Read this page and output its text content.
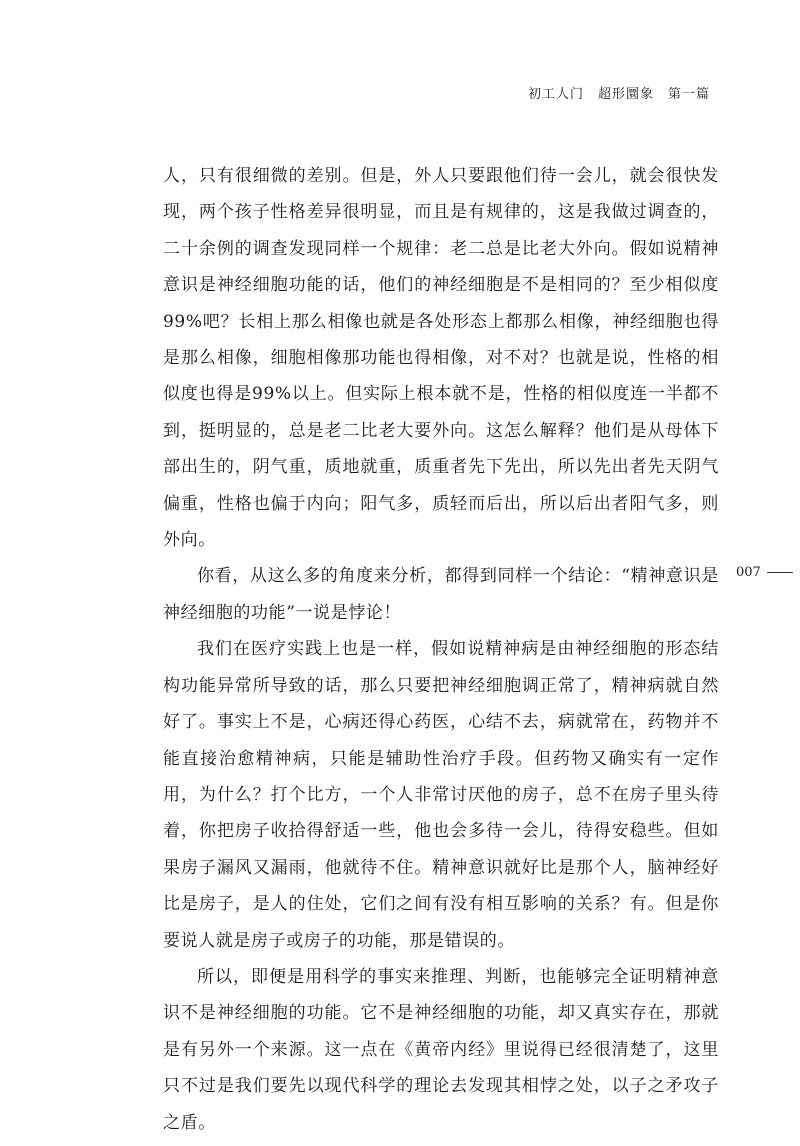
初工人门 超形圜象 第一篇

人，只有很细微的差别。但是，外人只要跟他们待一会儿，就会很快发现，两个孩子性格差异很明显，而且是有规律的，这是我做过调查的，二十余例的调查发现同样一个规律：老二总是比老大外向。假如说精神意识是神经细胞功能的话，他们的神经细胞是不是相同的？至少相似度99%吧？长相上那么相像也就是各处形态上都那么相像，神经细胞也得是那么相像，细胞相像那功能也得相像，对不对？也就是说，性格的相似度也得是99%以上。但实际上根本就不是，性格的相似度连一半都不到，挺明显的，总是老二比老大要外向。这怎么解释？他们是从母体下部出生的，阴气重，质地就重，质重者先下先出，所以先出者先天阴气偏重，性格也偏于内向；阳气多，质轻而后出，所以后出者阳气多，则外向。

你看，从这么多的角度来分析，都得到同样一个结论：“精神意识是神经细胞的功能”一说是悖论！

我们在医疗实践上也是一样，假如说精神病是由神经细胞的形态结构功能异常所导致的话，那么只要把神经细胞调正常了，精神病就自然好了。事实上不是，心病还得心药医，心结不去，病就常在，药物并不能直接治愈精神病，只能是辅助性治疗手段。但药物又确实有一定作用，为什么？打个比方，一个人非常讨厌他的房子，总不在房子里头待着，你把房子收拾得舒适一些，他也会多待一会儿，待得安稳些。但如果房子漏风又漏雨，他就待不住。精神意识就好比是那个人，脑神经好比是房子，是人的住处，它们之间有没有相互影响的关系？有。但是你要说人就是房子或房子的功能，那是错误的。

所以，即便是用科学的事实来推理、判断，也能够完全证明精神意识不是神经细胞的功能。它不是神经细胞的功能，却又真实存在，那就是有另外一个来源。这一点在《黄帝内经》里说得已经很清楚了，这里只不过是我们要先以现代科学的理论去发现其相悖之处，以子之矛攻子之盾。

007
